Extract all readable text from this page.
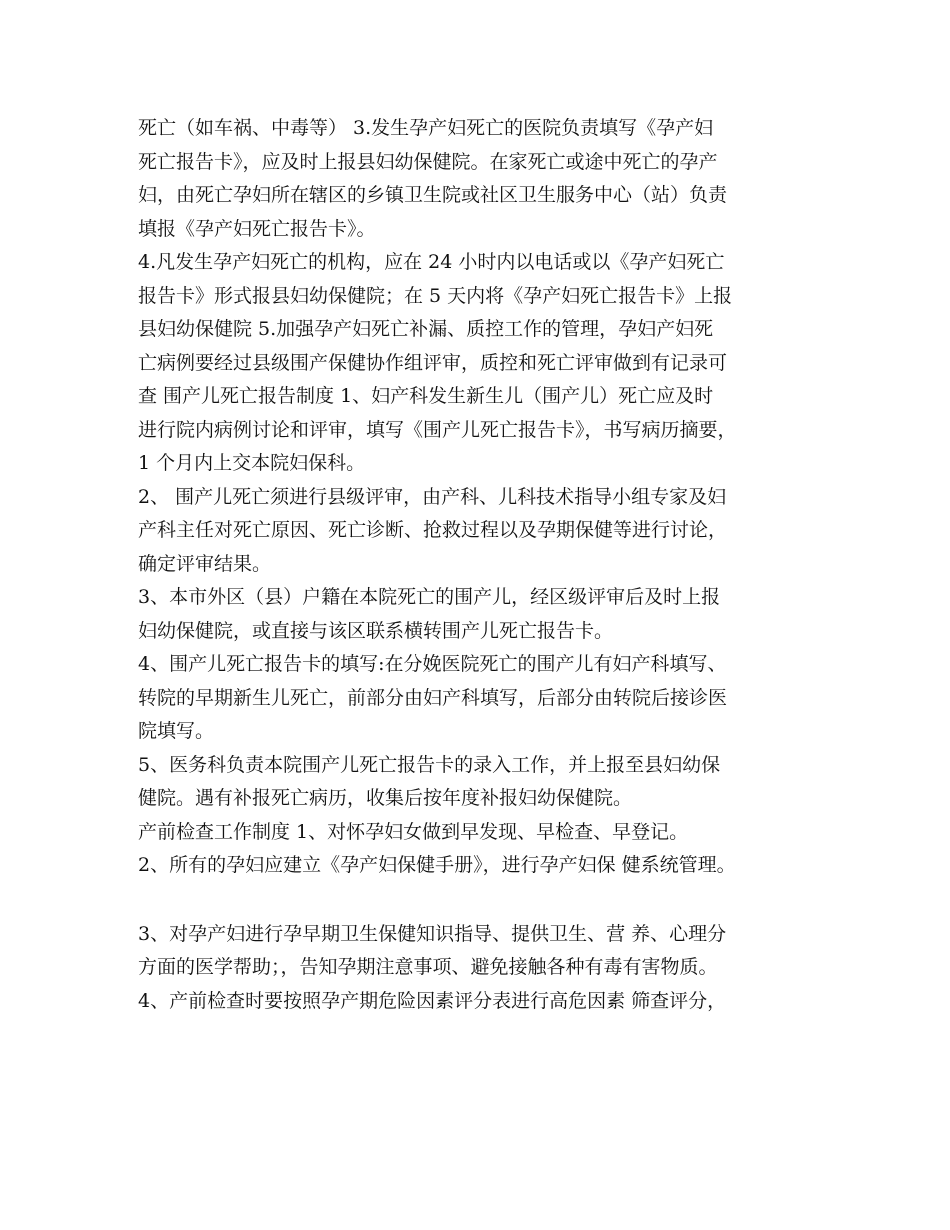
死亡（如车祸、中毒等） 3.发生孕产妇死亡的医院负责填写《孕产妇
死亡报告卡》，应及时上报县妇幼保健院。在家死亡或途中死亡的孕产
妇，由死亡孕妇所在辖区的乡镇卫生院或社区卫生服务中心（站）负责
填报《孕产妇死亡报告卡》。
4.凡发生孕产妇死亡的机构，应在 24 小时内以电话或以《孕产妇死亡
报告卡》形式报县妇幼保健院；在 5 天内将《孕产妇死亡报告卡》上报
县妇幼保健院 5.加强孕产妇死亡补漏、质控工作的管理，孕妇产妇死
亡病例要经过县级围产保健协作组评审，质控和死亡评审做到有记录可
查 围产儿死亡报告制度 1、妇产科发生新生儿（围产儿）死亡应及时
进行院内病例讨论和评审，填写《围产儿死亡报告卡》，书写病历摘要，
1 个月内上交本院妇保科。
2、 围产儿死亡须进行县级评审，由产科、儿科技术指导小组专家及妇
产科主任对死亡原因、死亡诊断、抢救过程以及孕期保健等进行讨论，
确定评审结果。
3、本市外区（县）户籍在本院死亡的围产儿，经区级评审后及时上报
妇幼保健院，或直接与该区联系横转围产儿死亡报告卡。
4、围产儿死亡报告卡的填写:在分娩医院死亡的围产儿有妇产科填写、
转院的早期新生儿死亡，前部分由妇产科填写，后部分由转院后接诊医
院填写。
5、医务科负责本院围产儿死亡报告卡的录入工作，并上报至县妇幼保
健院。遇有补报死亡病历，收集后按年度补报妇幼保健院。
产前检查工作制度 1、对怀孕妇女做到早发现、早检查、早登记。
2、所有的孕妇应建立《孕产妇保健手册》，进行孕产妇保 健系统管理。
3、对孕产妇进行孕早期卫生保健知识指导、提供卫生、营 养、心理分
方面的医学帮助；，告知孕期注意事项、避免接触各种有毒有害物质。
4、产前检查时要按照孕产期危险因素评分表进行高危因素 筛查评分，
